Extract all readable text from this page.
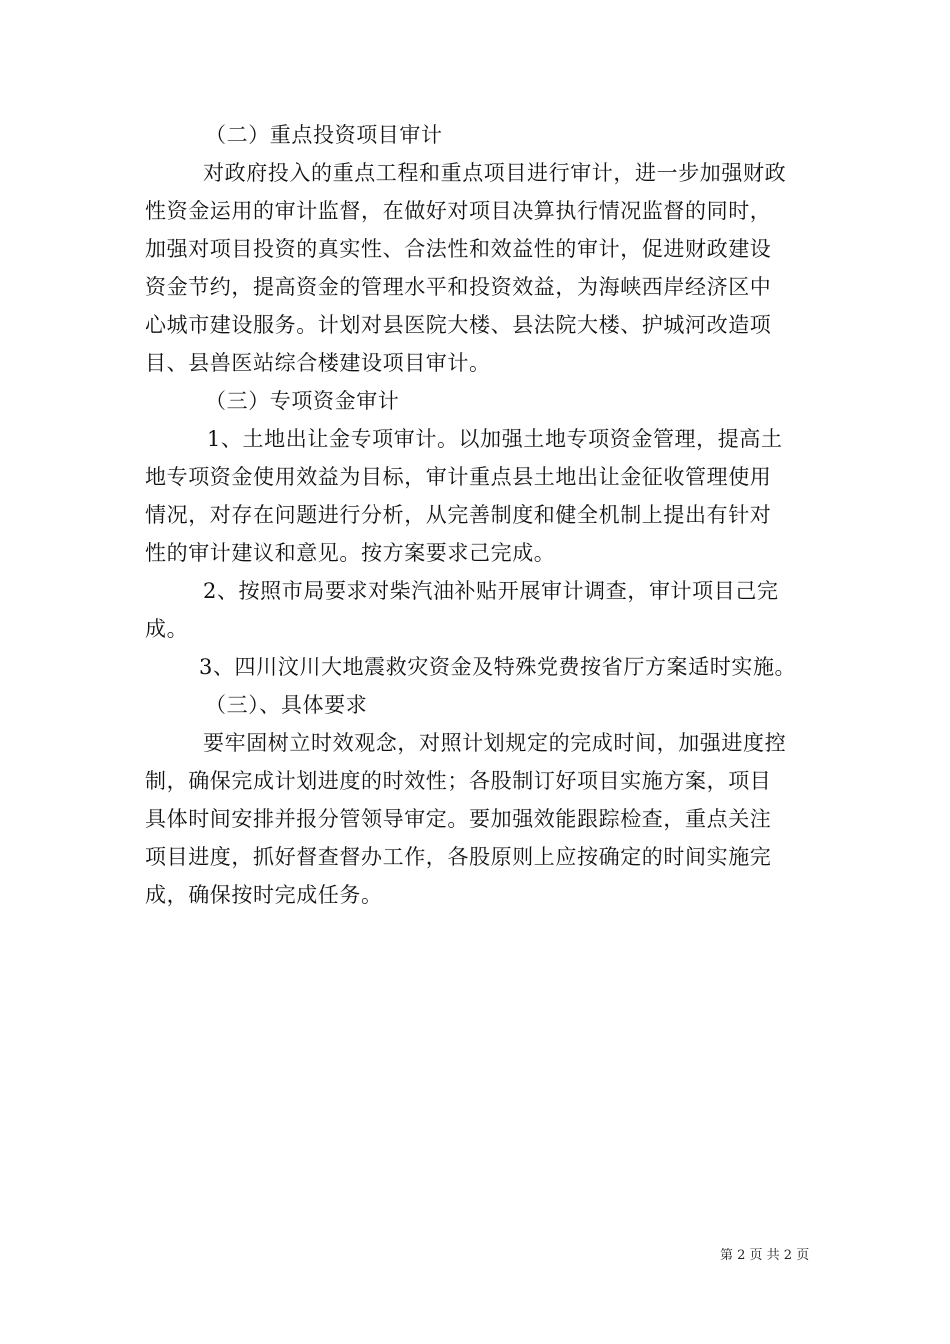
（二）重点投资项目审计
对政府投入的重点工程和重点项目进行审计，进一步加强财政
性资金运用的审计监督，在做好对项目决算执行情况监督的同时，
加强对项目投资的真实性、合法性和效益性的审计，促进财政建设
资金节约，提高资金的管理水平和投资效益，为海峡西岸经济区中
心城市建设服务。计划对县医院大楼、县法院大楼、护城河改造项
目、县兽医站综合楼建设项目审计。
（三）专项资金审计
1、土地出让金专项审计。以加强土地专项资金管理，提高土
地专项资金使用效益为目标，审计重点县土地出让金征收管理使用
情况，对存在问题进行分析，从完善制度和健全机制上提出有针对
性的审计建议和意见。按方案要求己完成。
2、按照市局要求对柴汽油补贴开展审计调查，审计项目己完
成。
3、四川汶川大地震救灾资金及特殊党费按省厅方案适时实施。
（三）、具体要求
要牢固树立时效观念，对照计划规定的完成时间，加强进度控
制，确保完成计划进度的时效性；各股制订好项目实施方案，项目
具体时间安排并报分管领导审定。要加强效能跟踪检查，重点关注
项目进度，抓好督查督办工作，各股原则上应按确定的时间实施完
成，确保按时完成任务。
第 2 页 共 2 页
